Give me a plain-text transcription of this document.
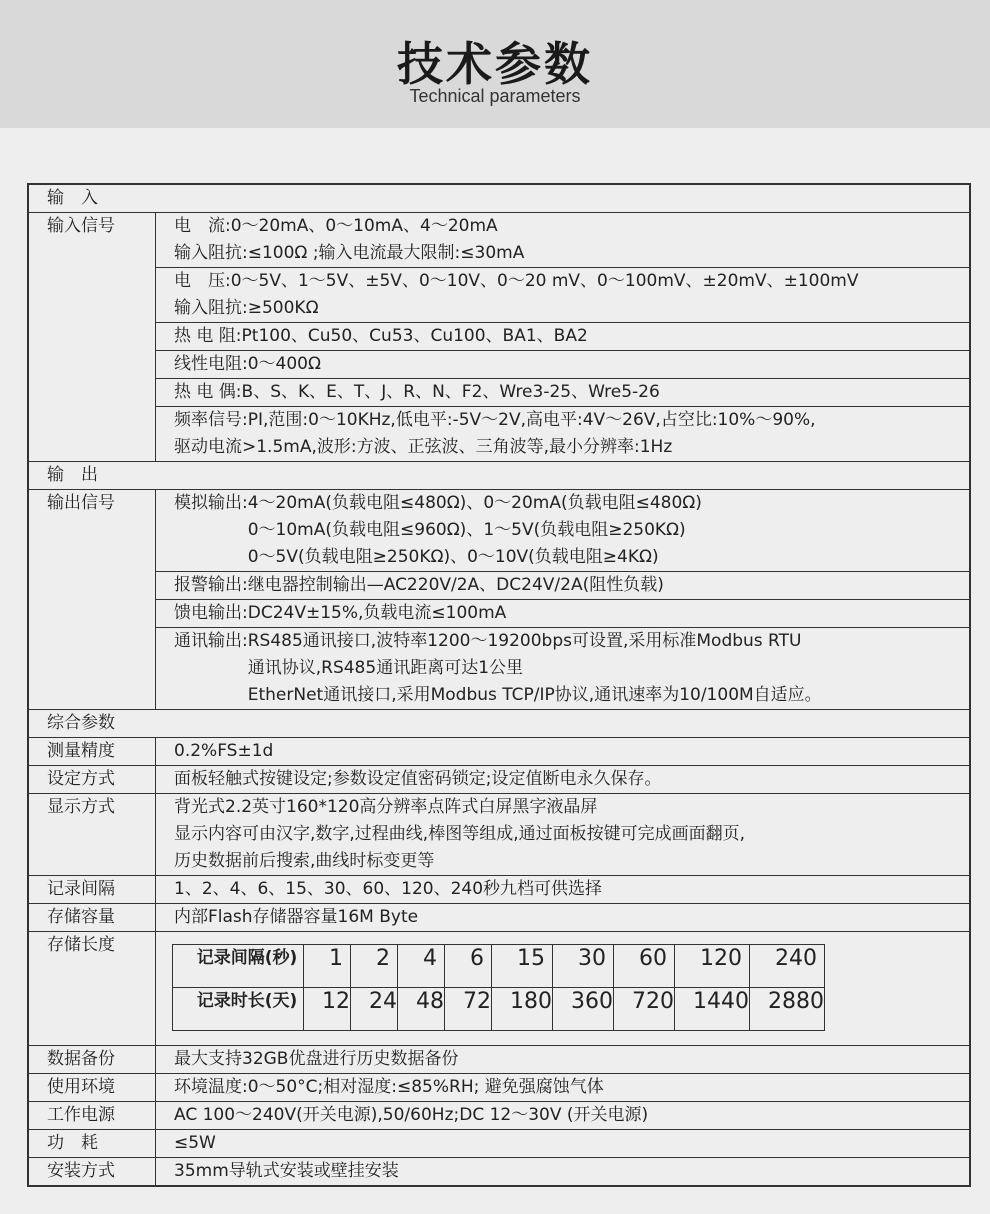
技术参数
Technical parameters
输　入
输入信号	电　流:0～20mA、0～10mA、4～20mA
输入阻抗:≤100Ω ;输入电流最大限制:≤30mA

电　压:0～5V、1～5V、±5V、0～10V、0～20 mV、0～100mV、±20mV、±100mV
输入阻抗:≥500KΩ

热 电 阻:Pt100、Cu50、Cu53、Cu100、BA1、BA2

线性电阻:0～400Ω

热 电 偶:B、S、K、E、T、J、R、N、F2、Wre3-25、Wre5-26

频率信号:PI,范围:0～10KHz,低电平:-5V～2V,高电平:4V～26V,占空比:10%～90%,
驱动电流>1.5mA,波形:方波、正弦波、三角波等,最小分辨率:1Hz

输　出
输出信号	模拟输出: 4～20mA(负载电阻≤480Ω)、0～20mA(负载电阻≤480Ω)
0～10mA(负载电阻≤960Ω)、1～5V(负载电阻≥250KΩ)
0～5V(负载电阻≥250KΩ)、0～10V(负载电阻≥4KΩ)

报警输出: 继电器控制输出—AC220V/2A、DC24V/2A(阻性负载)

馈电输出: DC24V±15%,负载电流≤100mA

通讯输出: RS485通讯接口,波特率1200～19200bps可设置,采用标准Modbus RTU
通讯协议,RS485通讯距离可达1公里
EtherNet通讯接口,采用Modbus TCP/IP协议,通讯速率为10/100M自适应。

综合参数
测量精度	0.2%FS±1d

设定方式	面板轻触式按键设定;参数设定值密码锁定;设定值断电永久保存。

显示方式	背光式2.2英寸160*120高分辨率点阵式白屏黑字液晶屏
显示内容可由汉字,数字,过程曲线,棒图等组成,通过面板按键可完成画面翻页,
历史数据前后搜索,曲线时标变更等

记录间隔	1、2、4、6、15、30、60、120、240秒九档可供选择

存储容量	内部Flash存储器容量16M Byte

存储长度	
记录间隔(秒)	1	2	4	6	15	30	60	120	240
记录时长(天)	12	24	48	72	180	360	720	1440	2880

数据备份	最大支持32GB优盘进行历史数据备份

使用环境	环境温度:0～50°C;相对湿度:≤85%RH; 避免强腐蚀气体

工作电源	AC 100～240V(开关电源),50/60Hz;DC 12～30V (开关电源)

功　耗	≤5W

安装方式	35mm导轨式安装或壁挂安装
